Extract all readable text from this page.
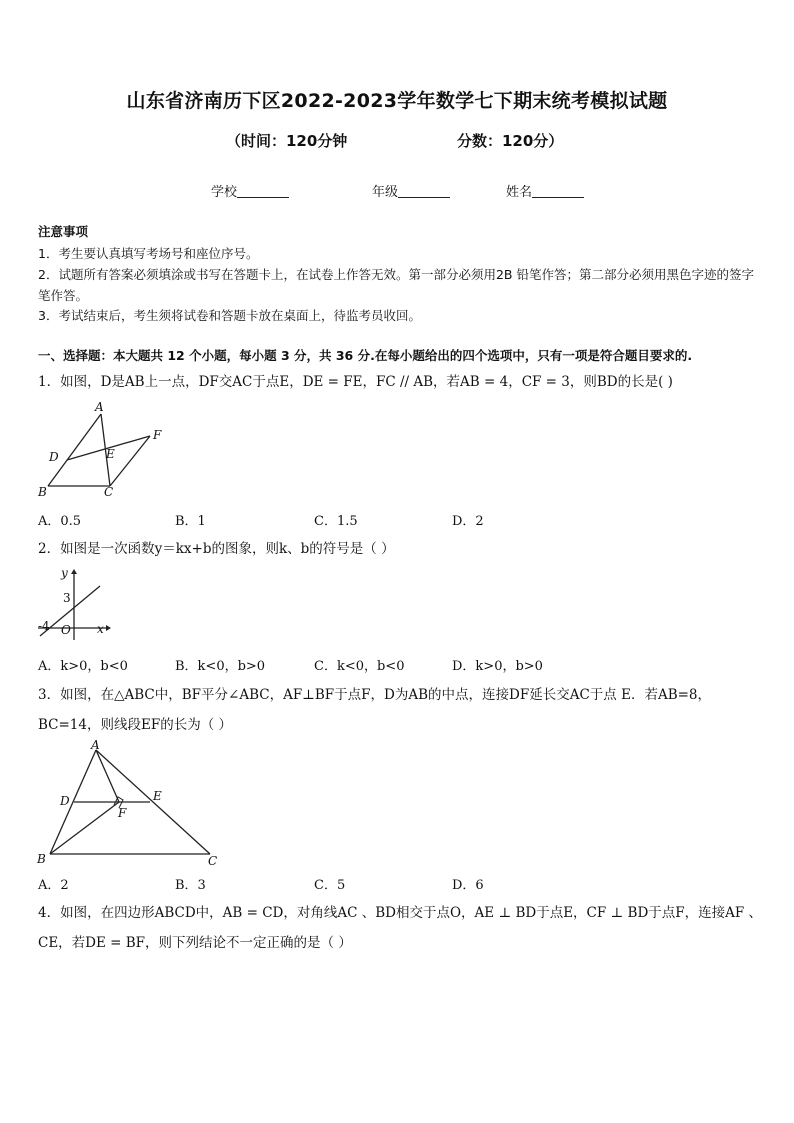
山东省济南历下区2022-2023学年数学七下期末统考模拟试题
（时间：120分钟	分数：120分）
学校	年级	姓名
注意事项
1．考生要认真填写考场号和座位序号。
2．试题所有答案必须填涂或书写在答题卡上，在试卷上作答无效。第一部分必须用2B 铅笔作答；第二部分必须用黑色字迹的签字笔作答。
3．考试结束后，考生须将试卷和答题卡放在桌面上，待监考员收回。
一、选择题：本大题共 12 个小题，每小题 3 分，共 36 分.在每小题给出的四个选项中，只有一项是符合题目要求的.
1．如图，D是AB上一点，DF交AC于点E，DE = FE，FC // AB，若AB = 4，CF = 3，则BD的长是( )
A
F
D	E
B	C
A．0.5	B．1	C．1.5	D．2
2．如图是一次函数y＝kx+b的图象，则k、b的符号是（ ）
y
3
-4 O x
A．k>0，b<0	B．k<0，b>0	C．k<0，b<0	D．k>0，b>0
3．如图，在△ABC中，BF平分∠ABC，AF⊥BF于点F，D为AB的中点，连接DF延长交AC于点 E．若AB=8，BC=14，则线段EF的长为（ ）
A
D	E
F
B	C
A．2	B．3	C．5	D．6
4．如图，在四边形ABCD中，AB = CD，对角线AC 、BD相交于点O，AE ⊥ BD于点E，CF ⊥ BD于点F，连接AF 、CE，若DE = BF，则下列结论不一定正确的是（ ）
